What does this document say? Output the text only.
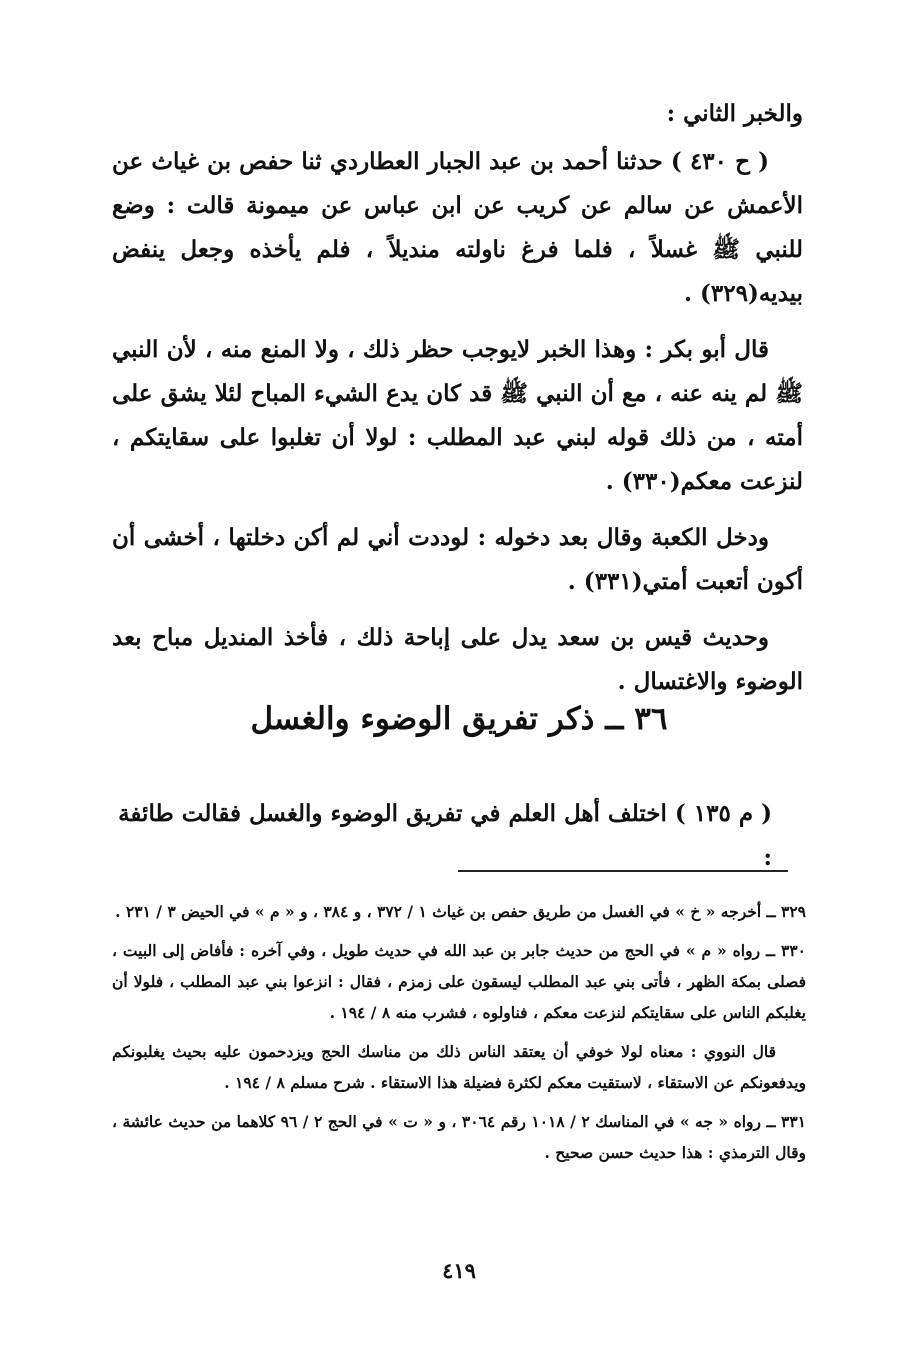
والخبر الثاني :

( ح ٤٣٠ ) حدثنا أحمد بن عبد الجبار العطاردي ثنا حفص بن غياث عن الأعمش عن سالم عن كريب عن ابن عباس عن ميمونة قالت : وضع للنبي ﷺ غسلاً ، فلما فرغ ناولته منديلاً ، فلم يأخذه وجعل ينفض بيديه(٣٢٩) .

قال أبو بكر : وهذا الخبر لايوجب حظر ذلك ، ولا المنع منه ، لأن النبي ﷺ لم ينه عنه ، مع أن النبي ﷺ قد كان يدع الشيء المباح لئلا يشق على أمته ، من ذلك قوله لبني عبد المطلب : لولا أن تغلبوا على سقايتكم ، لنزعت معكم(٣٣٠) .

ودخل الكعبة وقال بعد دخوله : لوددت أني لم أكن دخلتها ، أخشى أن أكون أتعبت أمتي(٣٣١) .

وحديث قيس بن سعد يدل على إباحة ذلك ، فأخذ المنديل مباح بعد الوضوء والاغتسال .

٣٦ ــ ذكر تفريق الوضوء والغسل
( م ١٣٥ ) اختلف أهل العلم في تفريق الوضوء والغسل فقالت طائفة :

٣٢٩ ــ أخرجه « خ » في الغسل من طريق حفص بن غياث ١ / ٣٧٢ ، و ٣٨٤ ، و « م » في الحيض ٣ / ٢٣١ .

٣٣٠ ــ رواه « م » في الحج من حديث جابر بن عبد الله في حديث طويل ، وفي آخره : فأفاض إلى البيت ، فصلى بمكة الظهر ، فأتى بني عبد المطلب ليسقون على زمزم ، فقال : انزعوا بني عبد المطلب ، فلولا أن يغلبكم الناس على سقايتكم لنزعت معكم ، فناولوه ، فشرب منه ٨ / ١٩٤ .

قال النووي : معناه لولا خوفي أن يعتقد الناس ذلك من مناسك الحج ويزدحمون عليه بحيث يغلبونكم ويدفعونكم عن الاستقاء ، لاستقيت معكم لكثرة فضيلة هذا الاستقاء . شرح مسلم ٨ / ١٩٤ .

٣٣١ ــ رواه « جه » في المناسك ٢ / ١٠١٨ رقم ٣٠٦٤ ، و « ت » في الحج ٢ / ٩٦ كلاهما من حديث عائشة ، وقال الترمذي : هذا حديث حسن صحيح .

٤١٩
